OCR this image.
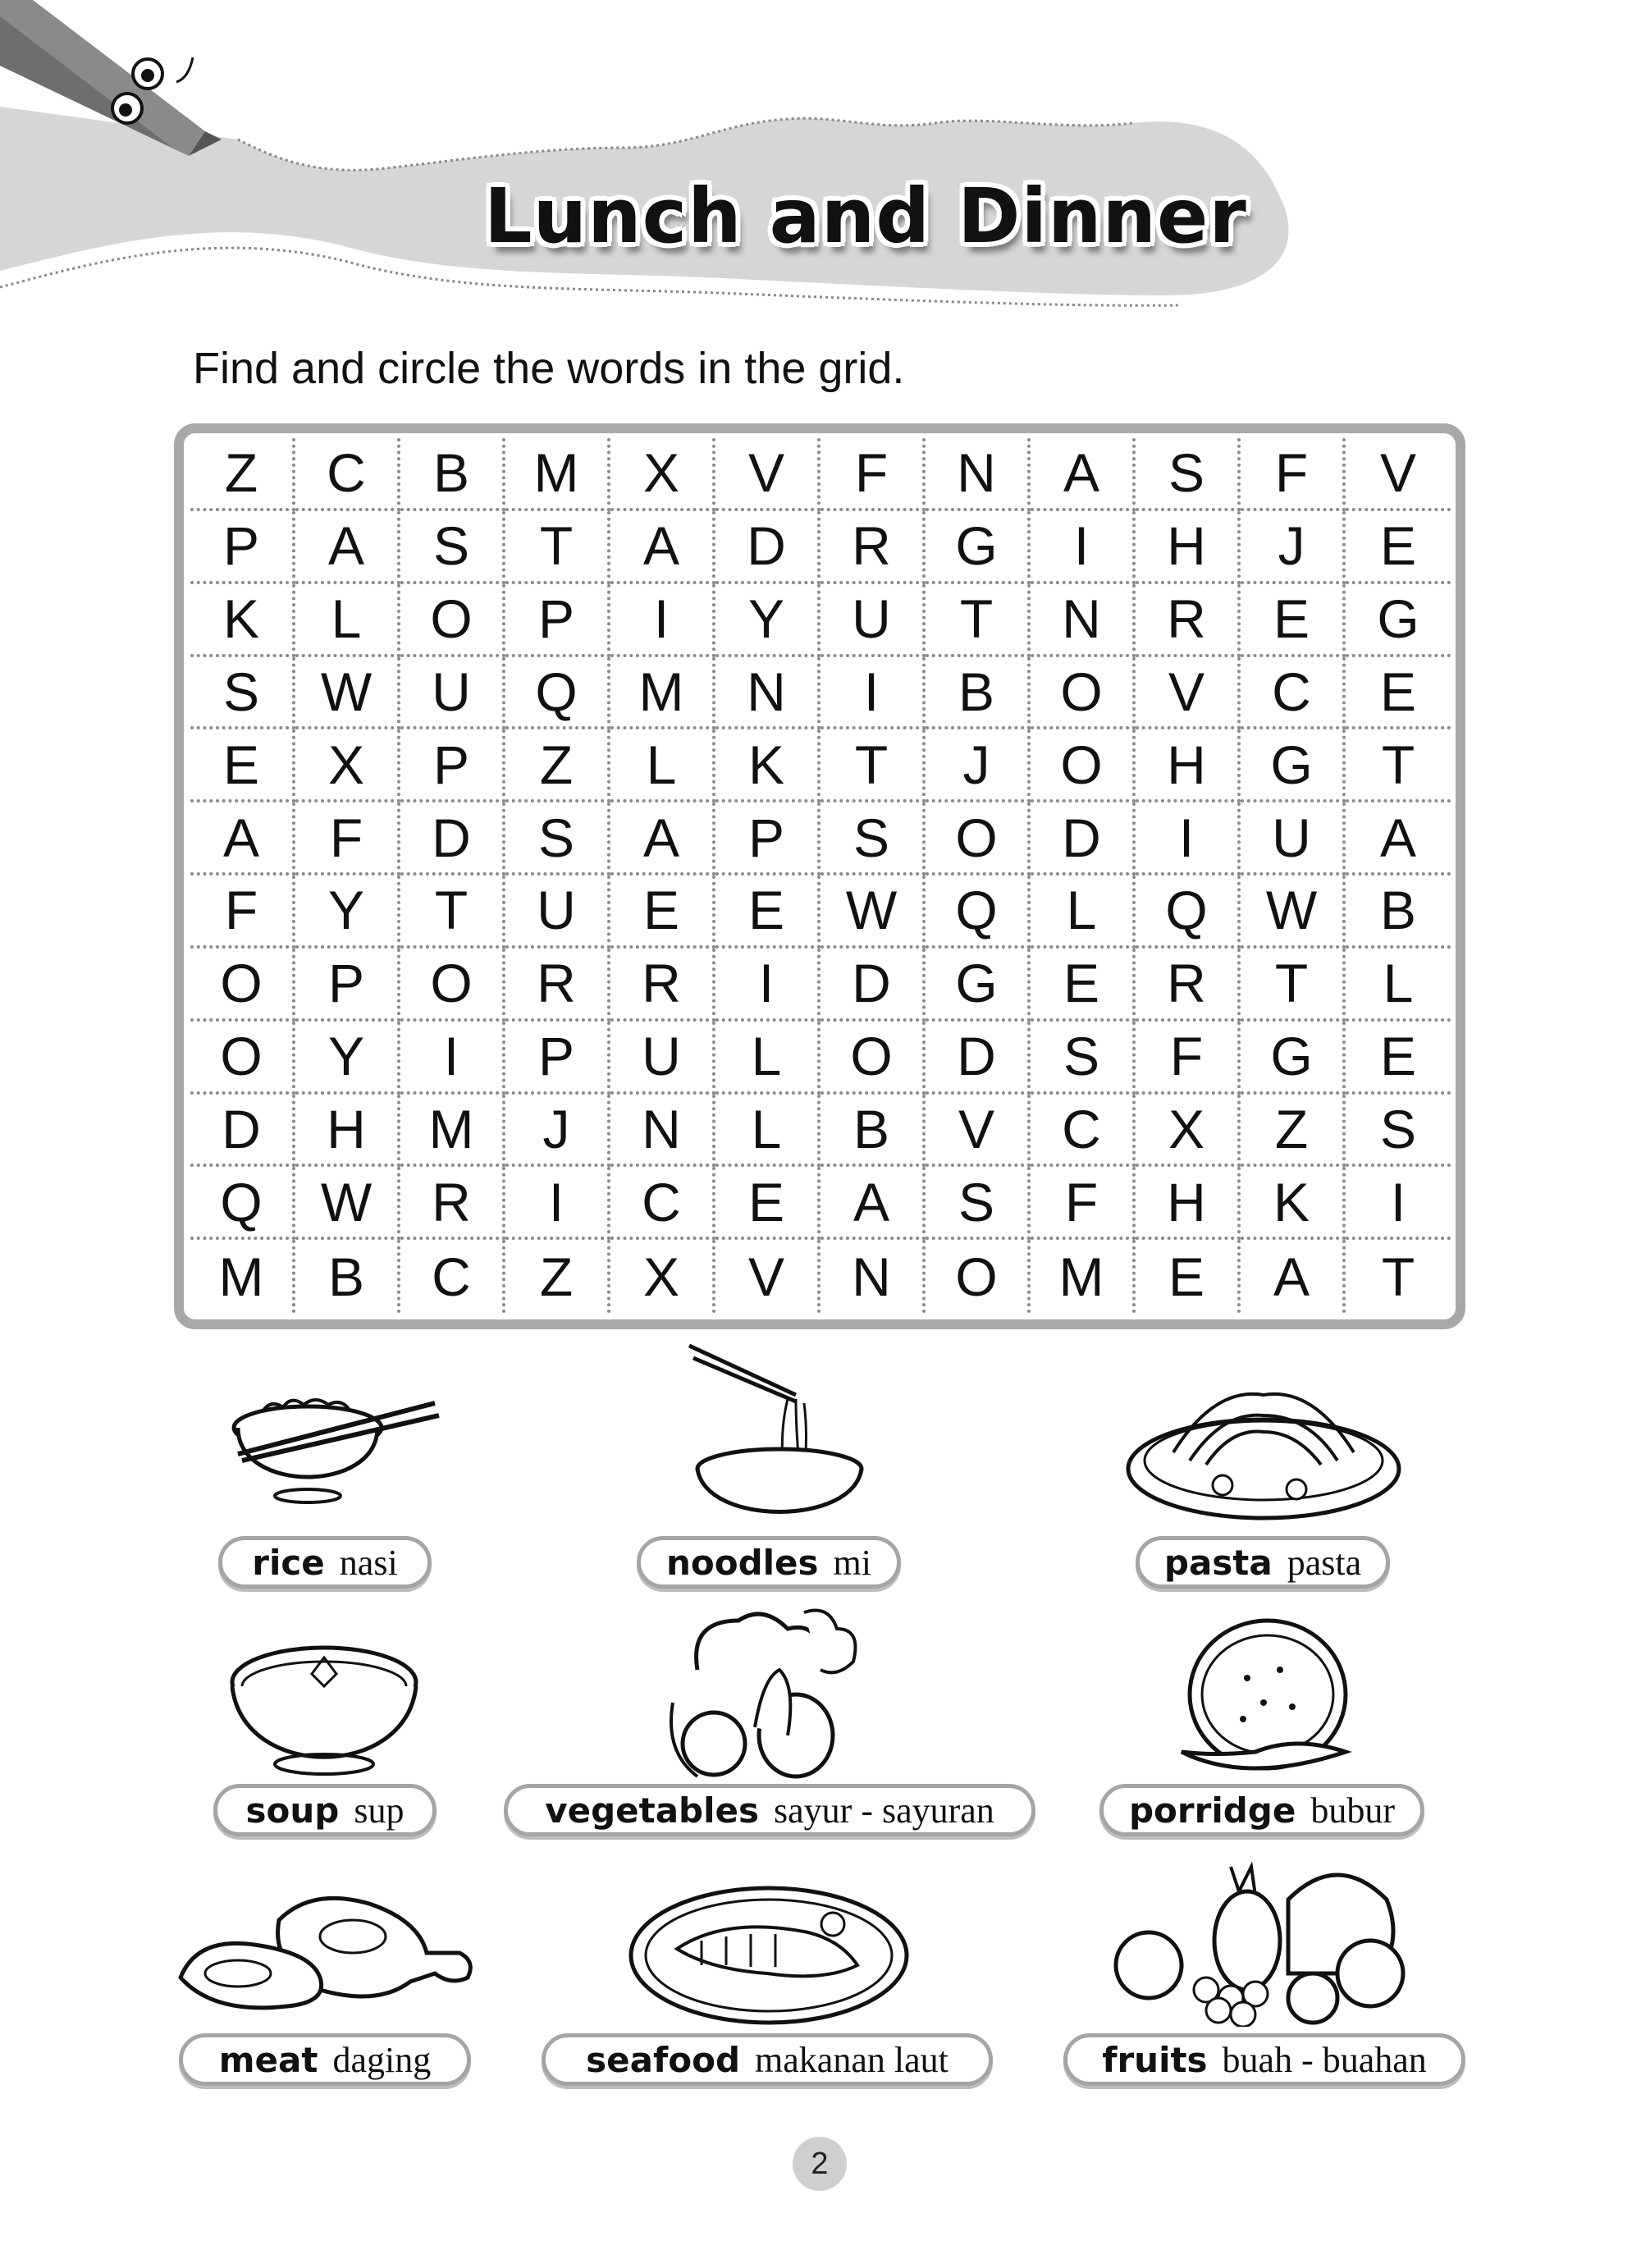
Lunch and Dinner
Find and circle the words in the grid.
Z	C	B	M	X	V	F	N	A	S	F	V
P	A	S	T	A	D	R	G	I	H	J	E
K	L	O	P	I	Y	U	T	N	R	E	G
S	W	U	Q	M	N	I	B	O	V	C	E
E	X	P	Z	L	K	T	J	O	H	G	T
A	F	D	S	A	P	S	O	D	I	U	A
F	Y	T	U	E	E	W	Q	L	Q	W	B
O	P	O	R	R	I	D	G	E	R	T	L
O	Y	I	P	U	L	O	D	S	F	G	E
D	H	M	J	N	L	B	V	C	X	Z	S
Q	W	R	I	C	E	A	S	F	H	K	I
M	B	C	Z	X	V	N	O	M	E	A	T
rice nasi	noodles mi	pasta pasta
soup sup	vegetables sayur - sayuran	porridge bubur
meat daging	seafood makanan laut	fruits buah - buahan
2
